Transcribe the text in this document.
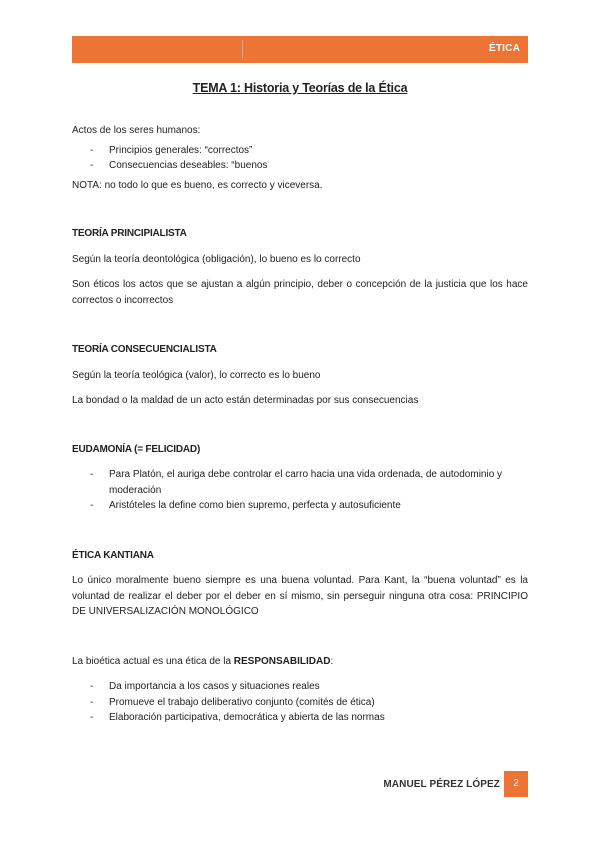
ÉTICA
TEMA 1: Historia y Teorías de la Ética

Actos de los seres humanos:

- Principios generales: “correctos”
- Consecuencias deseables: “buenos

NOTA: no todo lo que es bueno, es correcto y viceversa.

TEORÍA PRINCIPIALISTA

Según la teoría deontológica (obligación), lo bueno es lo correcto

Son éticos los actos que se ajustan a algún principio, deber o concepción de la justicia que los hace correctos o incorrectos

TEORÍA CONSECUENCIALISTA

Según la teoría teológica (valor), lo correcto es lo bueno

La bondad o la maldad de un acto están determinadas por sus consecuencias

EUDAMONÍA (= FELICIDAD)

- Para Platón, el auriga debe controlar el carro hacia una vida ordenada, de autodominio y moderación
- Aristóteles la define como bien supremo, perfecta y autosuficiente

ÉTICA KANTIANA

Lo único moralmente bueno siempre es una buena voluntad. Para Kant, la “buena voluntad” es la voluntad de realizar el deber por el deber en sí mismo, sin perseguir ninguna otra cosa: PRINCIPIO DE UNIVERSALIZACIÓN MONOLÓGICO

La bioética actual es una ética de la RESPONSABILIDAD:

- Da importancia a los casos y situaciones reales
- Promueve el trabajo deliberativo conjunto (comités de ética)
- Elaboración participativa, democrática y abierta de las normas
MANUEL PÉREZ LÓPEZ	2
